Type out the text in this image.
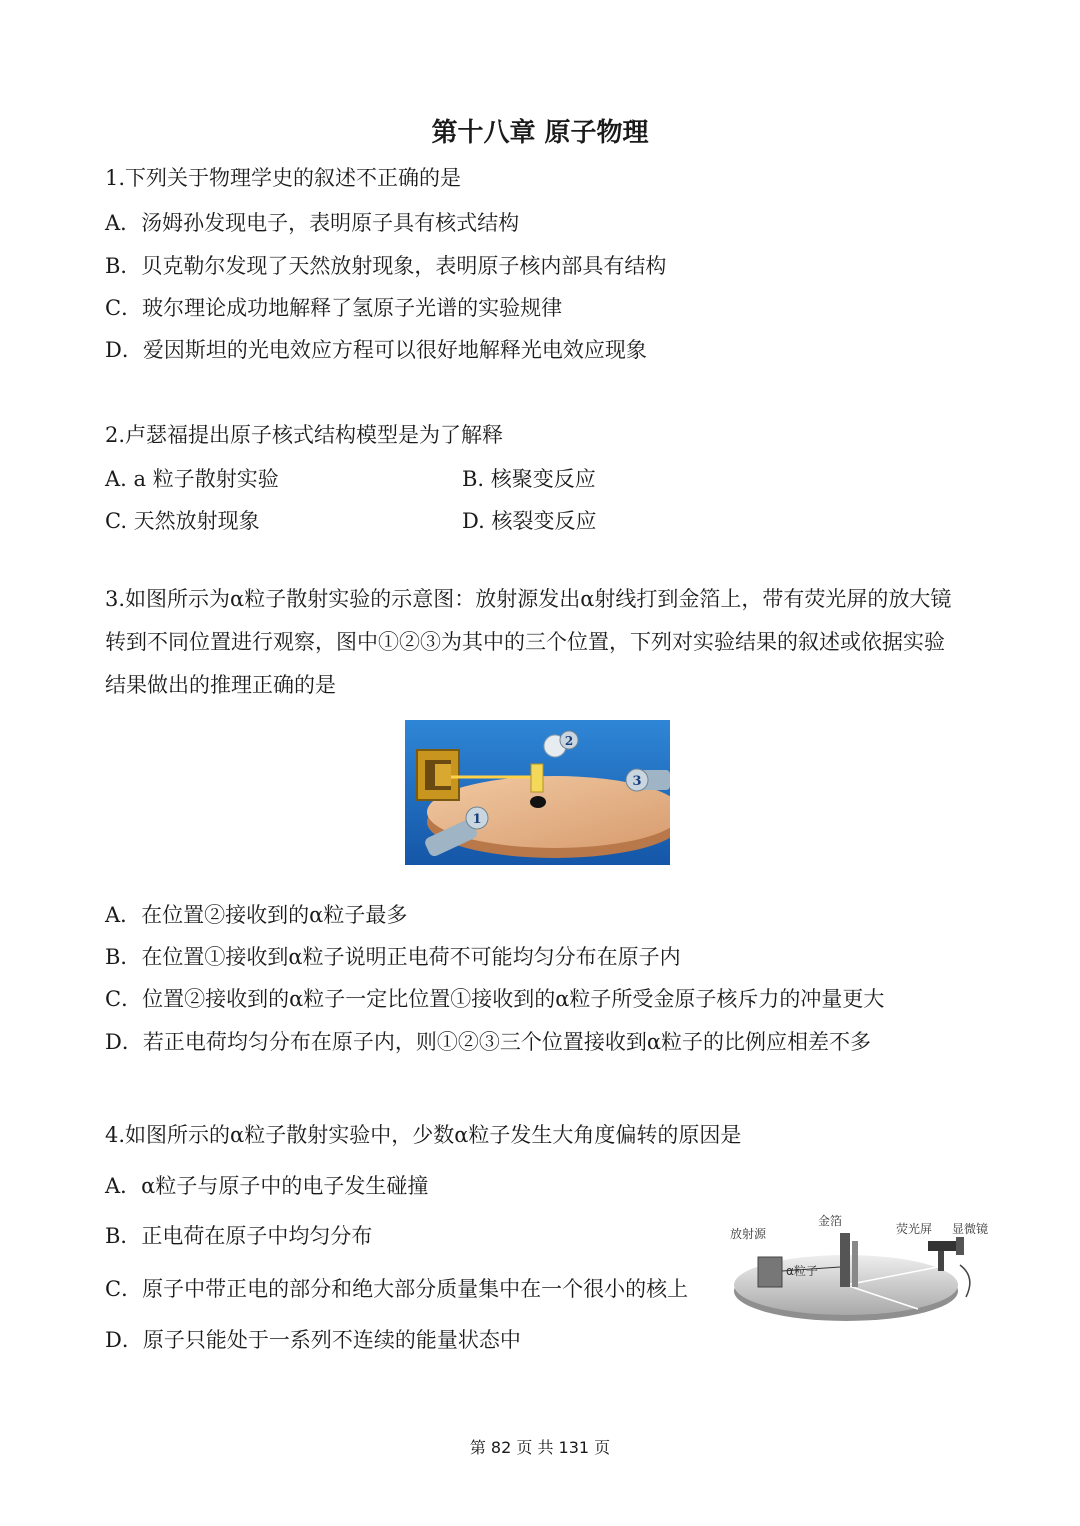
第十八章 原子物理
1.下列关于物理学史的叙述不正确的是
A．汤姆孙发现电子，表明原子具有核式结构
B．贝克勒尔发现了天然放射现象，表明原子核内部具有结构
C．玻尔理论成功地解释了氢原子光谱的实验规律
D．爱因斯坦的光电效应方程可以很好地解释光电效应现象
2.卢瑟福提出原子核式结构模型是为了解释
A. a 粒子散射实验	B. 核聚变反应
C. 天然放射现象	D. 核裂变反应
3.如图所示为α粒子散射实验的示意图：放射源发出α射线打到金箔上，带有荧光屏的放大镜
转到不同位置进行观察，图中①②③为其中的三个位置，下列对实验结果的叙述或依据实验
结果做出的推理正确的是
1
2
3
A．在位置②接收到的α粒子最多
B．在位置①接收到α粒子说明正电荷不可能均匀分布在原子内
C．位置②接收到的α粒子一定比位置①接收到的α粒子所受金原子核斥力的冲量更大
D．若正电荷均匀分布在原子内，则①②③三个位置接收到α粒子的比例应相差不多
4.如图所示的α粒子散射实验中，少数α粒子发生大角度偏转的原因是
A．α粒子与原子中的电子发生碰撞
B．正电荷在原子中均匀分布
C．原子中带正电的部分和绝大部分质量集中在一个很小的核上
D．原子只能处于一系列不连续的能量状态中
放射源
金箔
荧光屏 显微镜
α粒子
第 82 页 共 131 页
